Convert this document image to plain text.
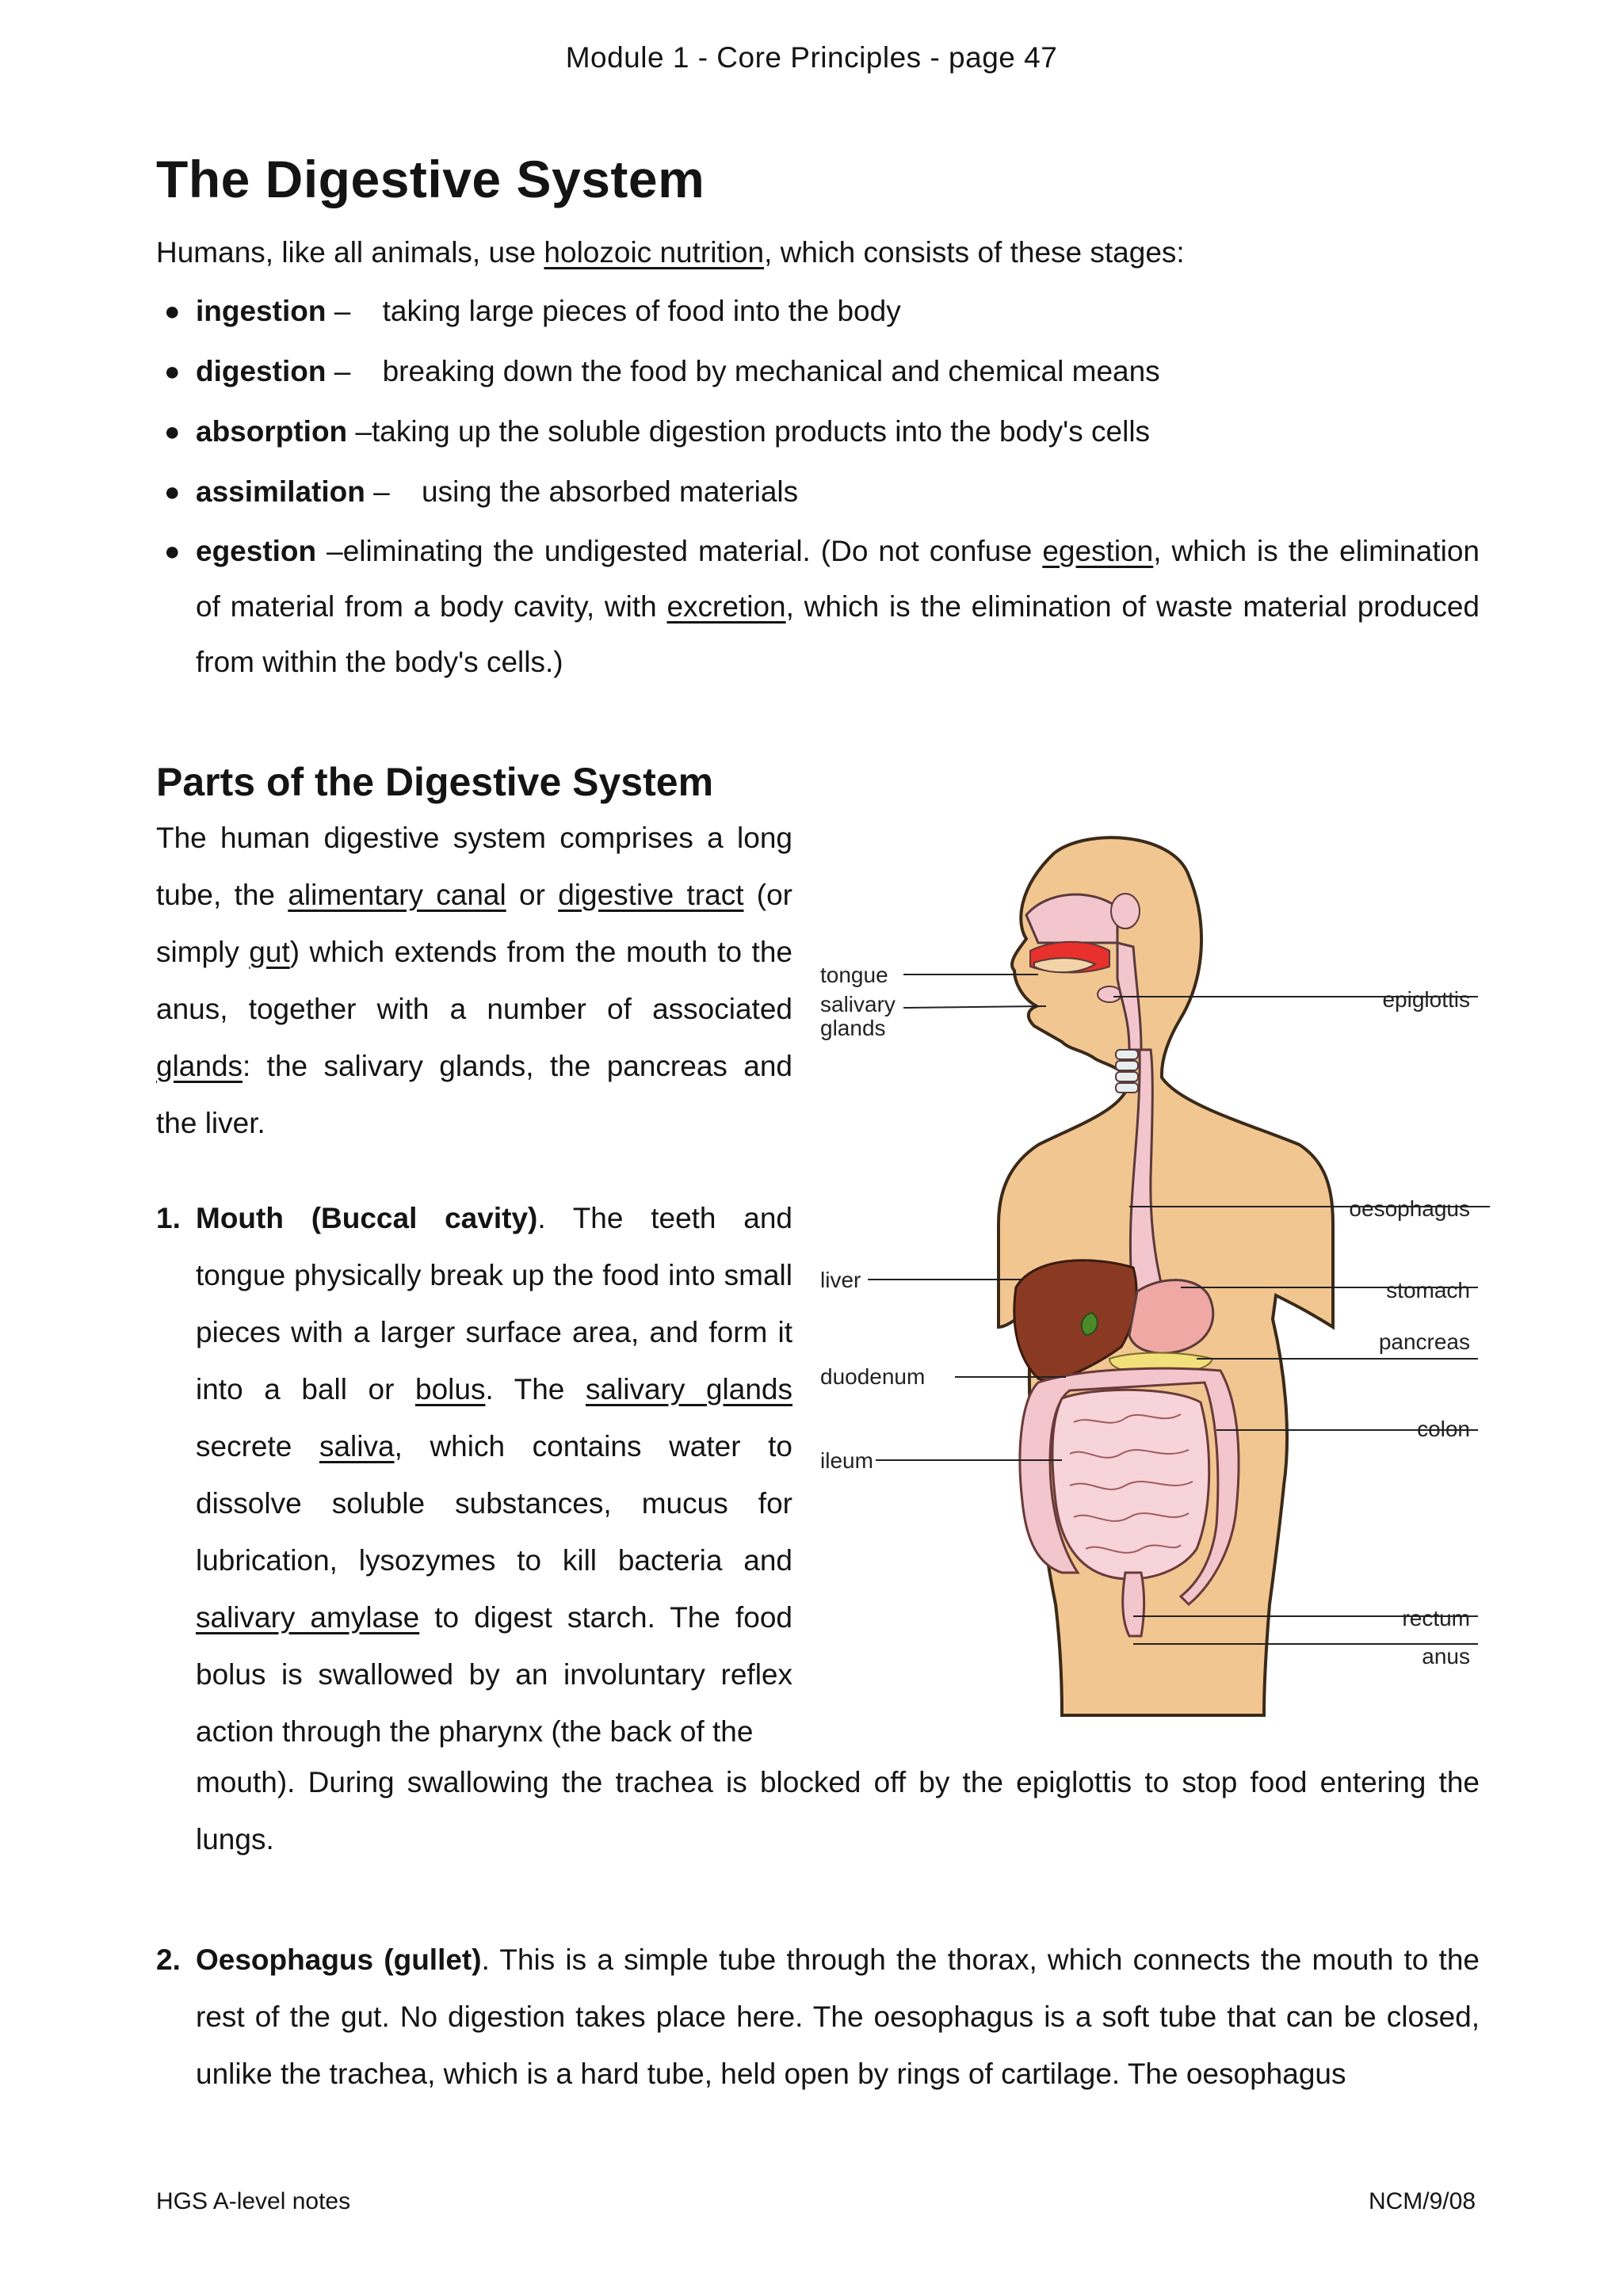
Module 1 - Core Principles - page 47
The Digestive System
Humans, like all animals, use holozoic nutrition, which consists of these stages:
● ingestion – taking large pieces of food into the body
● digestion – breaking down the food by mechanical and chemical means
● absorption –taking up the soluble digestion products into the body's cells
● assimilation – using the absorbed materials
● egestion –eliminating the undigested material. (Do not confuse egestion, which is the elimination of material from a body cavity, with excretion, which is the elimination of waste material produced from within the body's cells.)
Parts of the Digestive System
The human digestive system comprises a long tube, the alimentary canal or digestive tract (or simply gut) which extends from the mouth to the anus, together with a number of associated glands: the salivary glands, the pancreas and the liver.
1. Mouth (Buccal cavity). The teeth and tongue physically break up the food into small pieces with a larger surface area, and form it into a ball or bolus. The salivary glands secrete saliva, which contains water to dissolve soluble substances, mucus for lubrication, lysozymes to kill bacteria and salivary amylase to digest starch. The food bolus is swallowed by an involuntary reflex action through the pharynx (the back of the
mouth). During swallowing the trachea is blocked off by the epiglottis to stop food entering the lungs.
2. Oesophagus (gullet). This is a simple tube through the thorax, which connects the mouth to the rest of the gut. No digestion takes place here. The oesophagus is a soft tube that can be closed, unlike the trachea, which is a hard tube, held open by rings of cartilage. The oesophagus
tongue
salivary
glands
liver
duodenum
ileum
epiglottis
oesophagus
stomach
pancreas
colon
rectum
anus
HGS A-level notes	NCM/9/08
